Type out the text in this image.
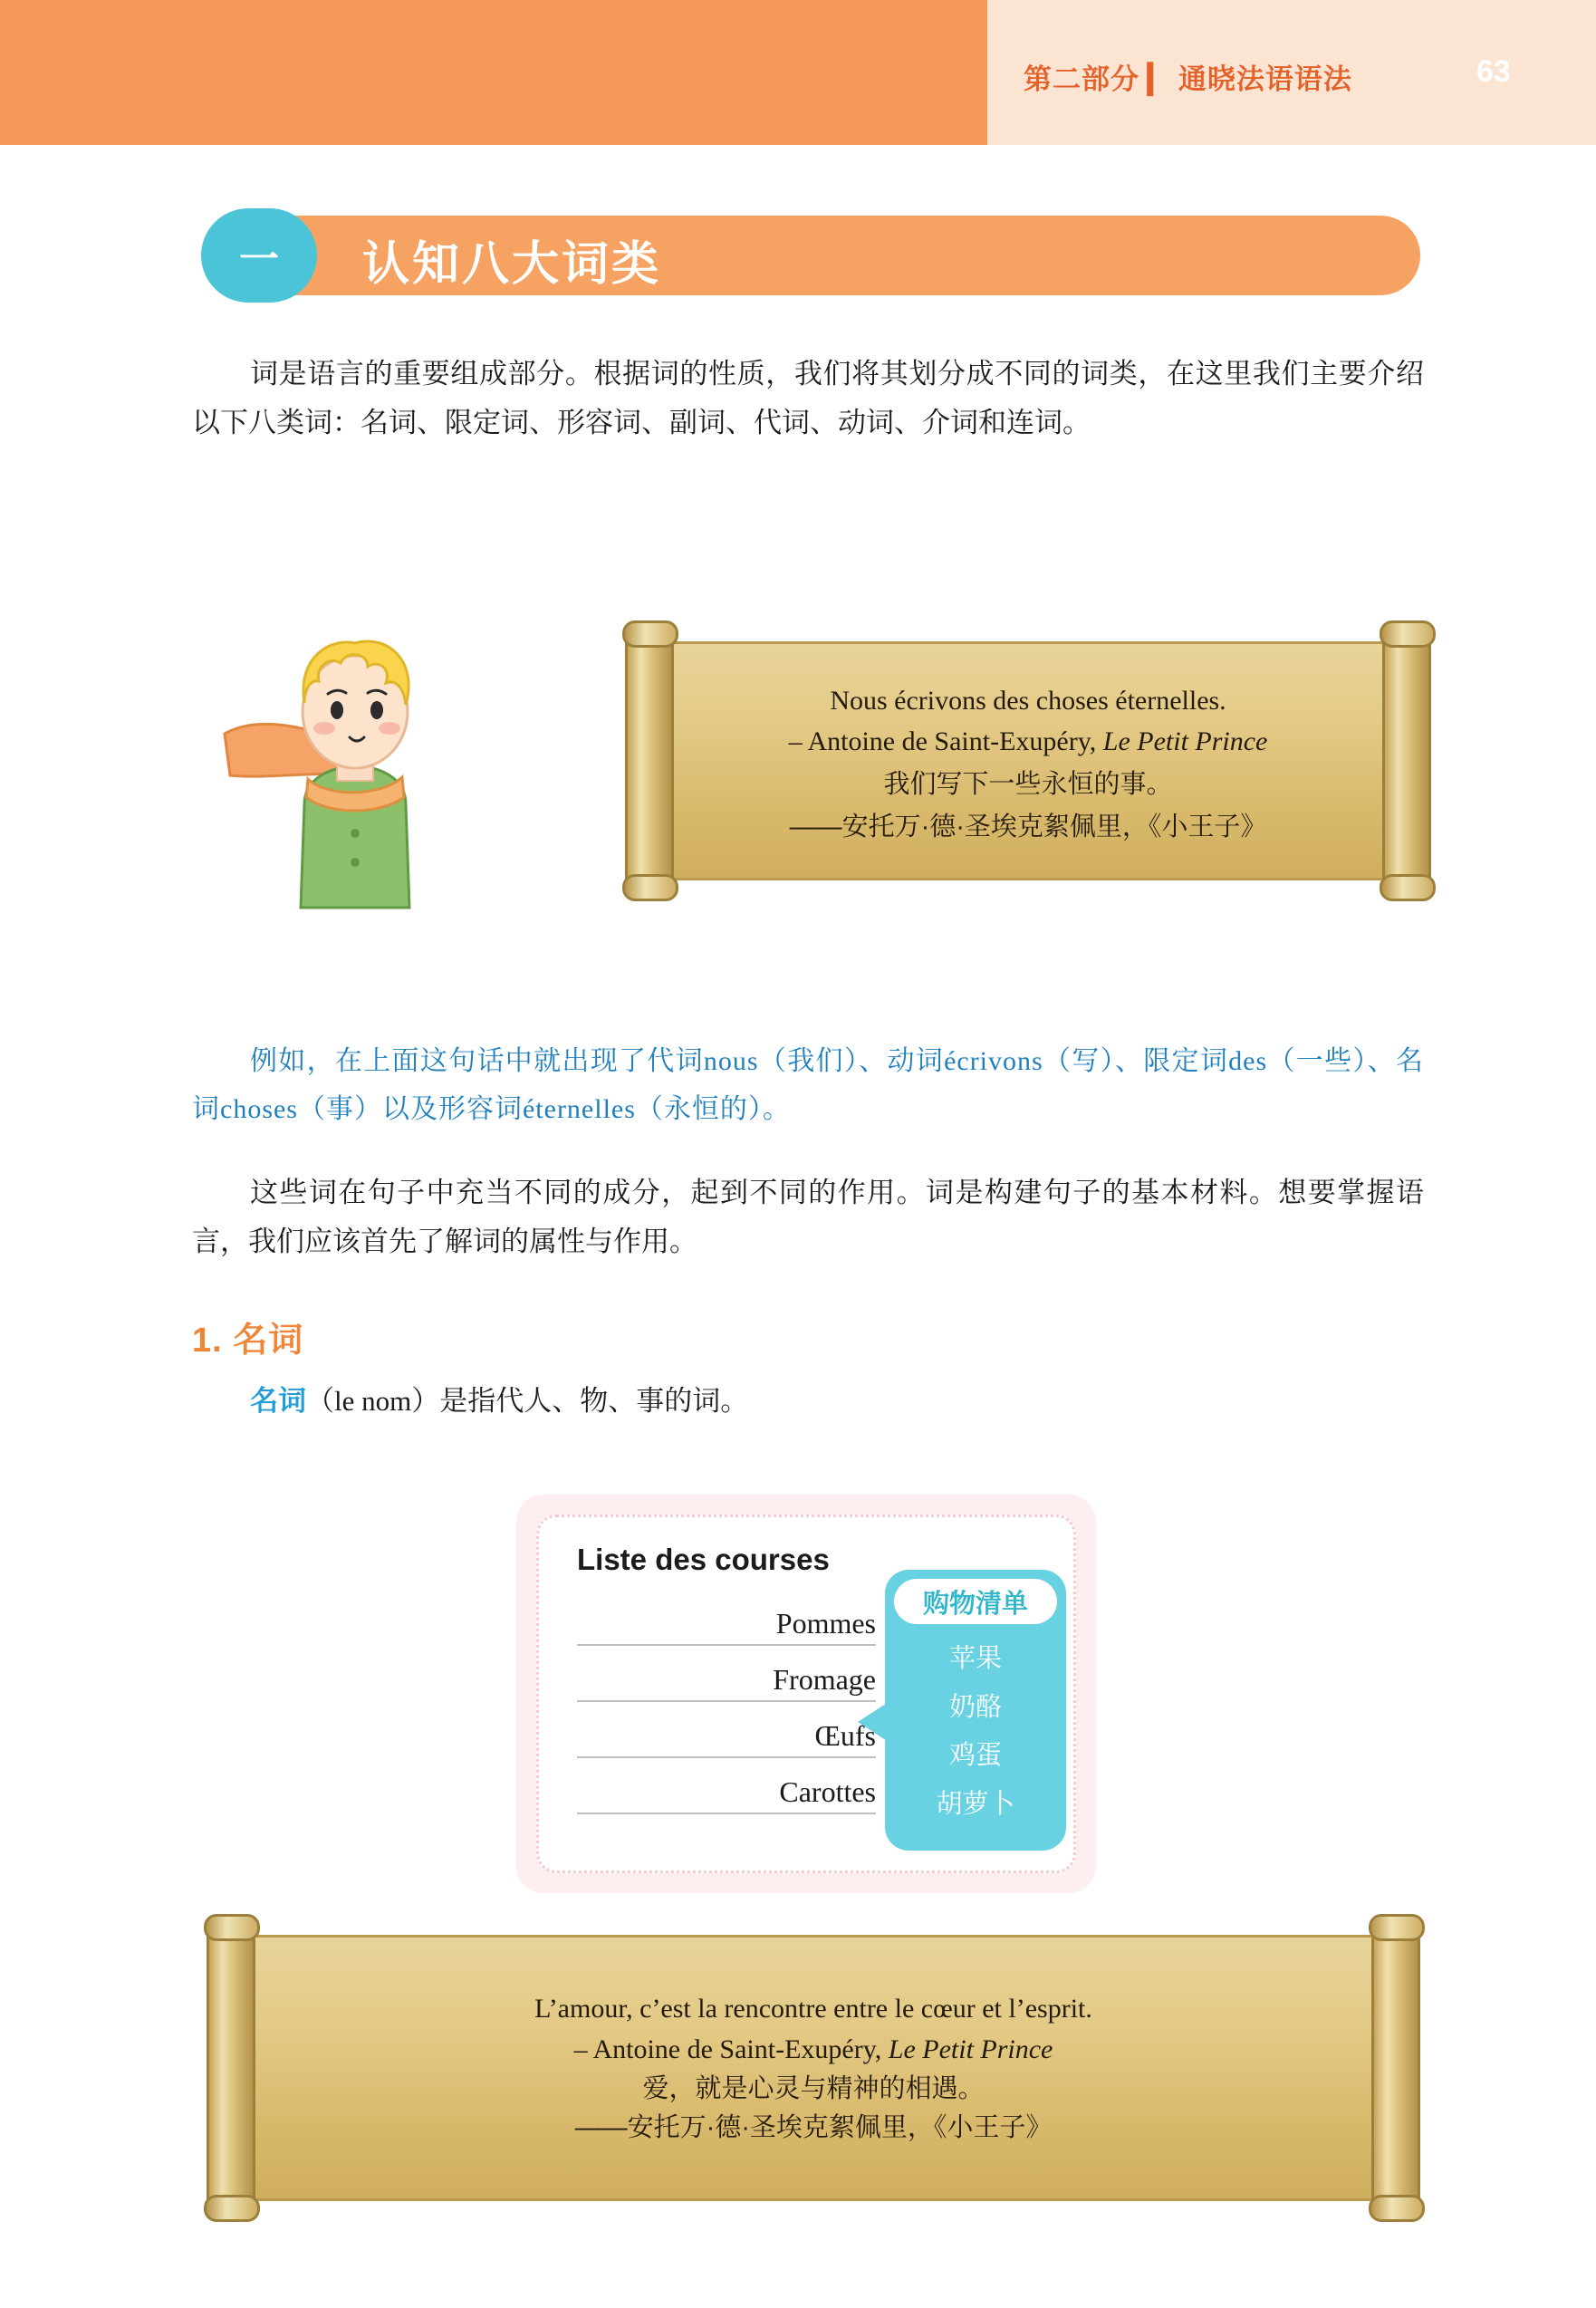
第二部分 ▎ 通晓法语语法	63
一 认知八大词类
词是语言的重要组成部分。根据词的性质，我们将其划分成不同的词类，在这里我们主要介绍以下八类词：名词、限定词、形容词、副词、代词、动词、介词和连词。
Nous écrivons des choses éternelles.
– Antoine de Saint-Exupéry, Le Petit Prince
我们写下一些永恒的事。
——安托万·德·圣埃克絮佩里，《小王子》
例如，在上面这句话中就出现了代词nous（我们）、动词écrivons（写）、限定词des（一些）、名词choses（事）以及形容词éternelles（永恒的）。
这些词在句子中充当不同的成分，起到不同的作用。词是构建句子的基本材料。想要掌握语言，我们应该首先了解词的属性与作用。
1. 名词
名词（le nom）是指代人、物、事的词。
Liste des courses
Pommes
Fromage
Œufs
Carottes
购物清单
苹果
奶酪
鸡蛋
胡萝卜
L’amour, c’est la rencontre entre le cœur et l’esprit.
– Antoine de Saint-Exupéry, Le Petit Prince
爱，就是心灵与精神的相遇。
——安托万·德·圣埃克絮佩里，《小王子》
